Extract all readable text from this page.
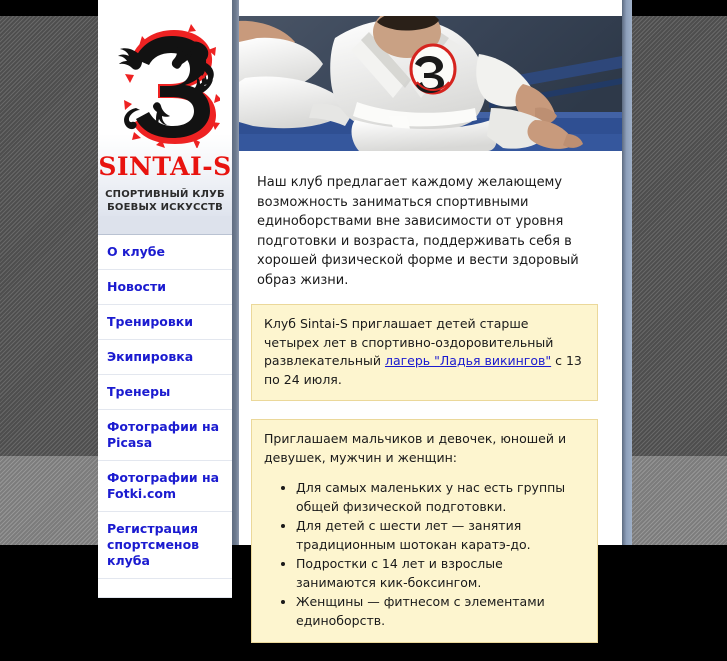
SINTAI-S
СПОРТИВНЫЙ КЛУБ
БОЕВЫХ ИСКУССТВ
О клубе
Новости
Тренировки
Экипировка
Тренеры
Фотографии на Picasa
Фотографии на Fotki.com
Регистрация спортсменов клуба

Наш клуб предлагает каждому желающему возможность заниматься спортивными единоборствами вне зависимости от уровня подготовки и возраста, поддерживать себя в хорошей физической форме и вести здоровый образ жизни.

Клуб Sintai-S приглашает детей старше четырех лет в спортивно-оздоровительный развлекательный лагерь "Ладья викингов" с 13 по 24 июля.

Приглашаем мальчиков и девочек, юношей и девушек, мужчин и женщин:

• Для самых маленьких у нас есть группы общей физической подготовки.
• Для детей с шести лет — занятия традиционным шотокан каратэ-до.
• Подростки с 14 лет и взрослые занимаются кик-боксингом.
• Женщины — фитнесом с элементами единоборств.
